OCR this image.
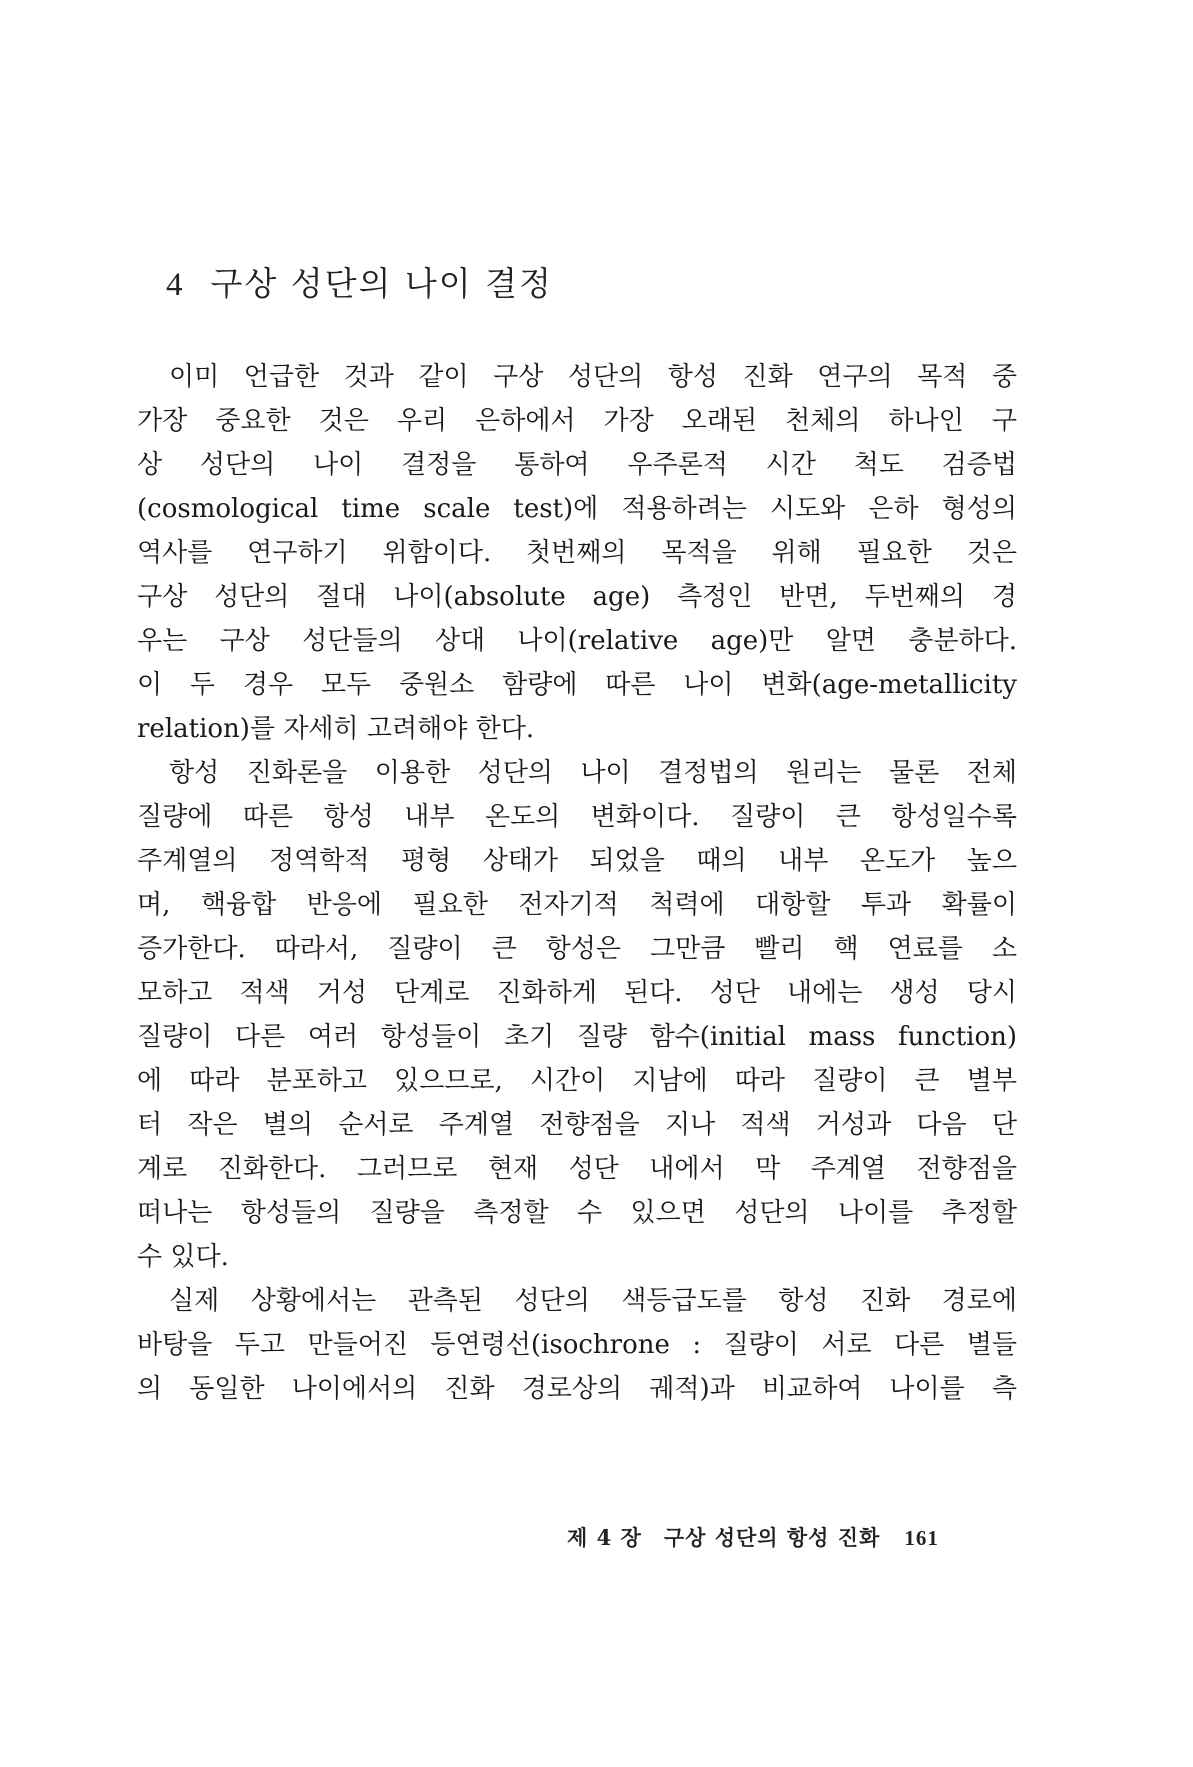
4 구상 성단의 나이 결정
이미 언급한 것과 같이 구상 성단의 항성 진화 연구의 목적 중
가장 중요한 것은 우리 은하에서 가장 오래된 천체의 하나인 구
상 성단의 나이 결정을 통하여 우주론적 시간 척도 검증법
(cosmological time scale test)에 적용하려는 시도와 은하 형성의
역사를 연구하기 위함이다. 첫번째의 목적을 위해 필요한 것은
구상 성단의 절대 나이(absolute age) 측정인 반면, 두번째의 경
우는 구상 성단들의 상대 나이(relative age)만 알면 충분하다.
이 두 경우 모두 중원소 함량에 따른 나이 변화(age-metallicity
relation)를 자세히 고려해야 한다.
항성 진화론을 이용한 성단의 나이 결정법의 원리는 물론 전체
질량에 따른 항성 내부 온도의 변화이다. 질량이 큰 항성일수록
주계열의 정역학적 평형 상태가 되었을 때의 내부 온도가 높으
며, 핵융합 반응에 필요한 전자기적 척력에 대항할 투과 확률이
증가한다. 따라서, 질량이 큰 항성은 그만큼 빨리 핵 연료를 소
모하고 적색 거성 단계로 진화하게 된다. 성단 내에는 생성 당시
질량이 다른 여러 항성들이 초기 질량 함수(initial mass function)
에 따라 분포하고 있으므로, 시간이 지남에 따라 질량이 큰 별부
터 작은 별의 순서로 주계열 전향점을 지나 적색 거성과 다음 단
계로 진화한다. 그러므로 현재 성단 내에서 막 주계열 전향점을
떠나는 항성들의 질량을 측정할 수 있으면 성단의 나이를 추정할
수 있다.
실제 상황에서는 관측된 성단의 색등급도를 항성 진화 경로에
바탕을 두고 만들어진 등연령선(isochrone : 질량이 서로 다른 별들
의 동일한 나이에서의 진화 경로상의 궤적)과 비교하여 나이를 측
제 4 장 구상 성단의 항성 진화 161
